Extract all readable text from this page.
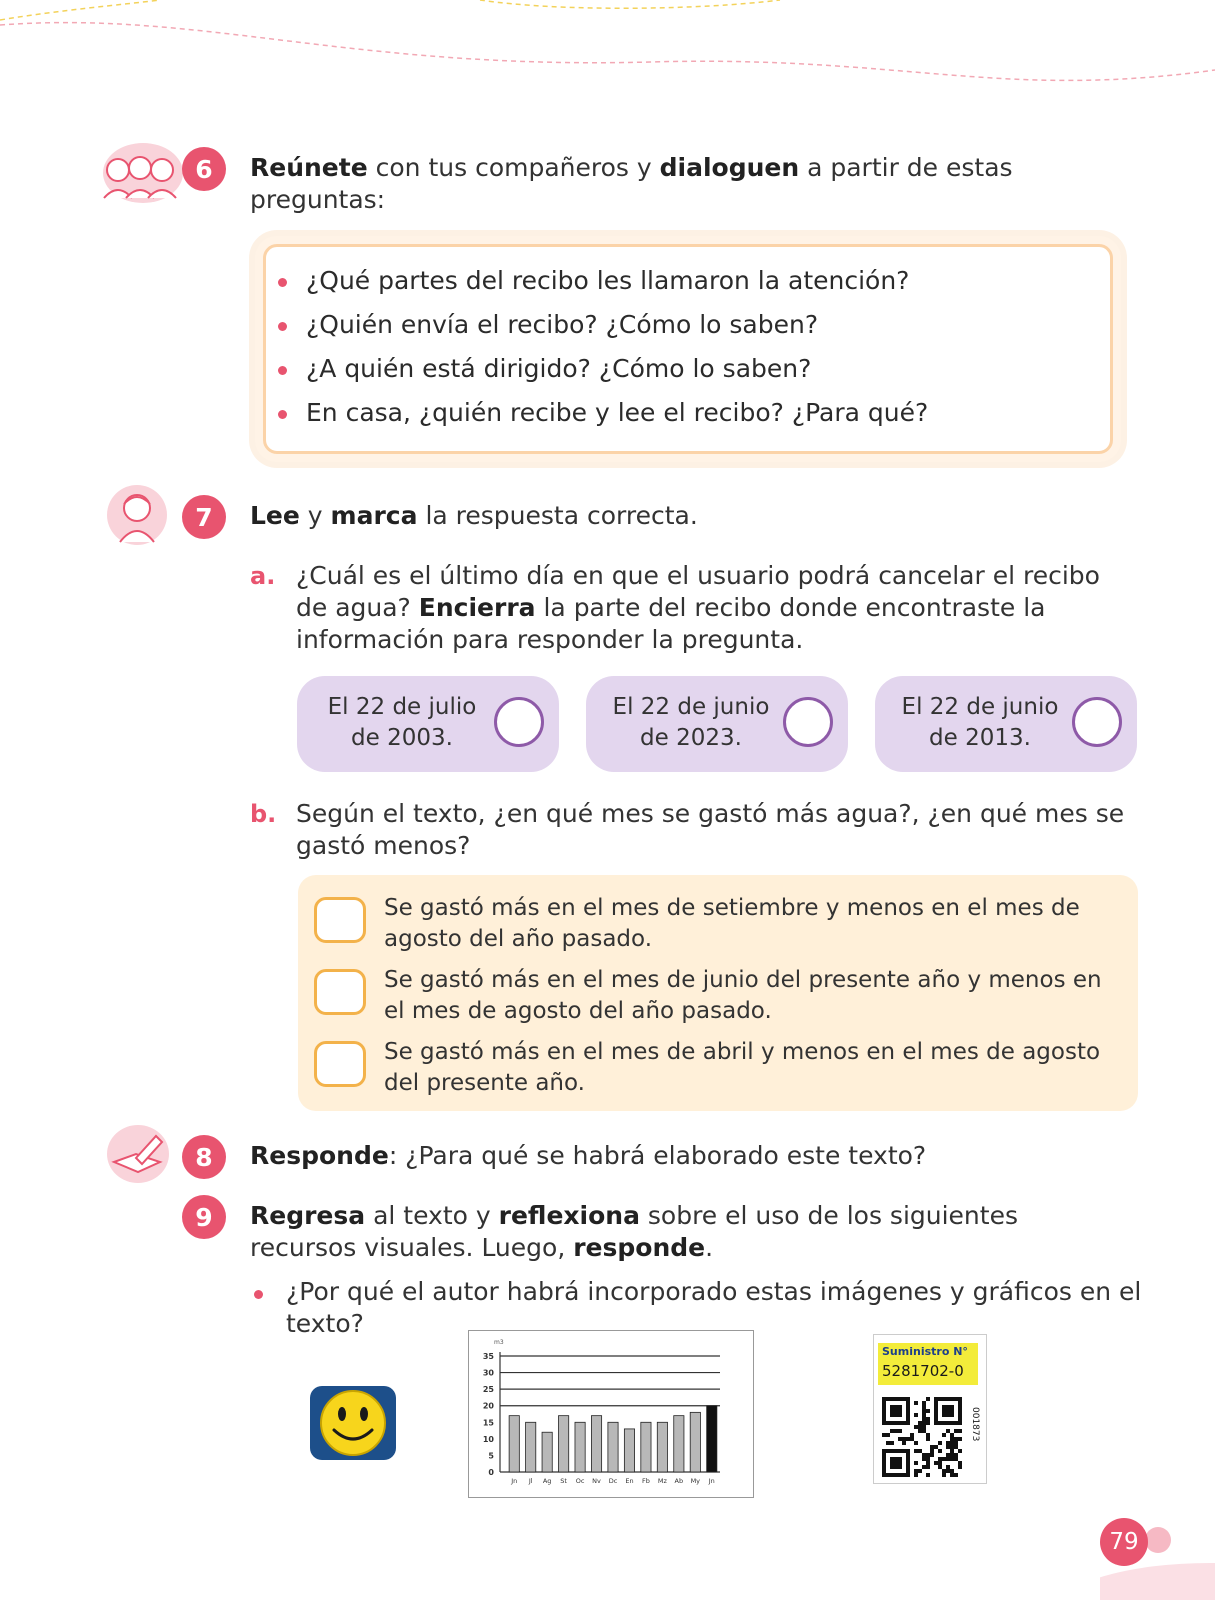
6	Reúnete con tus compañeros y dialoguen a partir de estas preguntas:
¿Qué partes del recibo les llamaron la atención?
¿Quién envía el recibo? ¿Cómo lo saben?
¿A quién está dirigido? ¿Cómo lo saben?
En casa, ¿quién recibe y lee el recibo? ¿Para qué?
7	Lee y marca la respuesta correcta.
a. ¿Cuál es el último día en que el usuario podrá cancelar el recibo de agua? Encierra la parte del recibo donde encontraste la información para responder la pregunta.
El 22 de julio
de 2003.
El 22 de junio
de 2023.
El 22 de junio
de 2013.
b. Según el texto, ¿en qué mes se gastó más agua?, ¿en qué mes se gastó menos?
Se gastó más en el mes de setiembre y menos en el mes de agosto del año pasado.
Se gastó más en el mes de junio del presente año y menos en el mes de agosto del año pasado.
Se gastó más en el mes de abril y menos en el mes de agosto del presente año.
8	Responde: ¿Para qué se habrá elaborado este texto?
9	Regresa al texto y reflexiona sobre el uso de los siguientes recursos visuales. Luego, responde.
¿Por qué el autor habrá incorporado estas imágenes y gráficos en el texto?
m3
35
30
25
20
15
10
5
0
Jn Jl Ag St Oc Nv Dc En Fb Mz Ab My Jn
Suministro N°
5281702-0
001873
79
